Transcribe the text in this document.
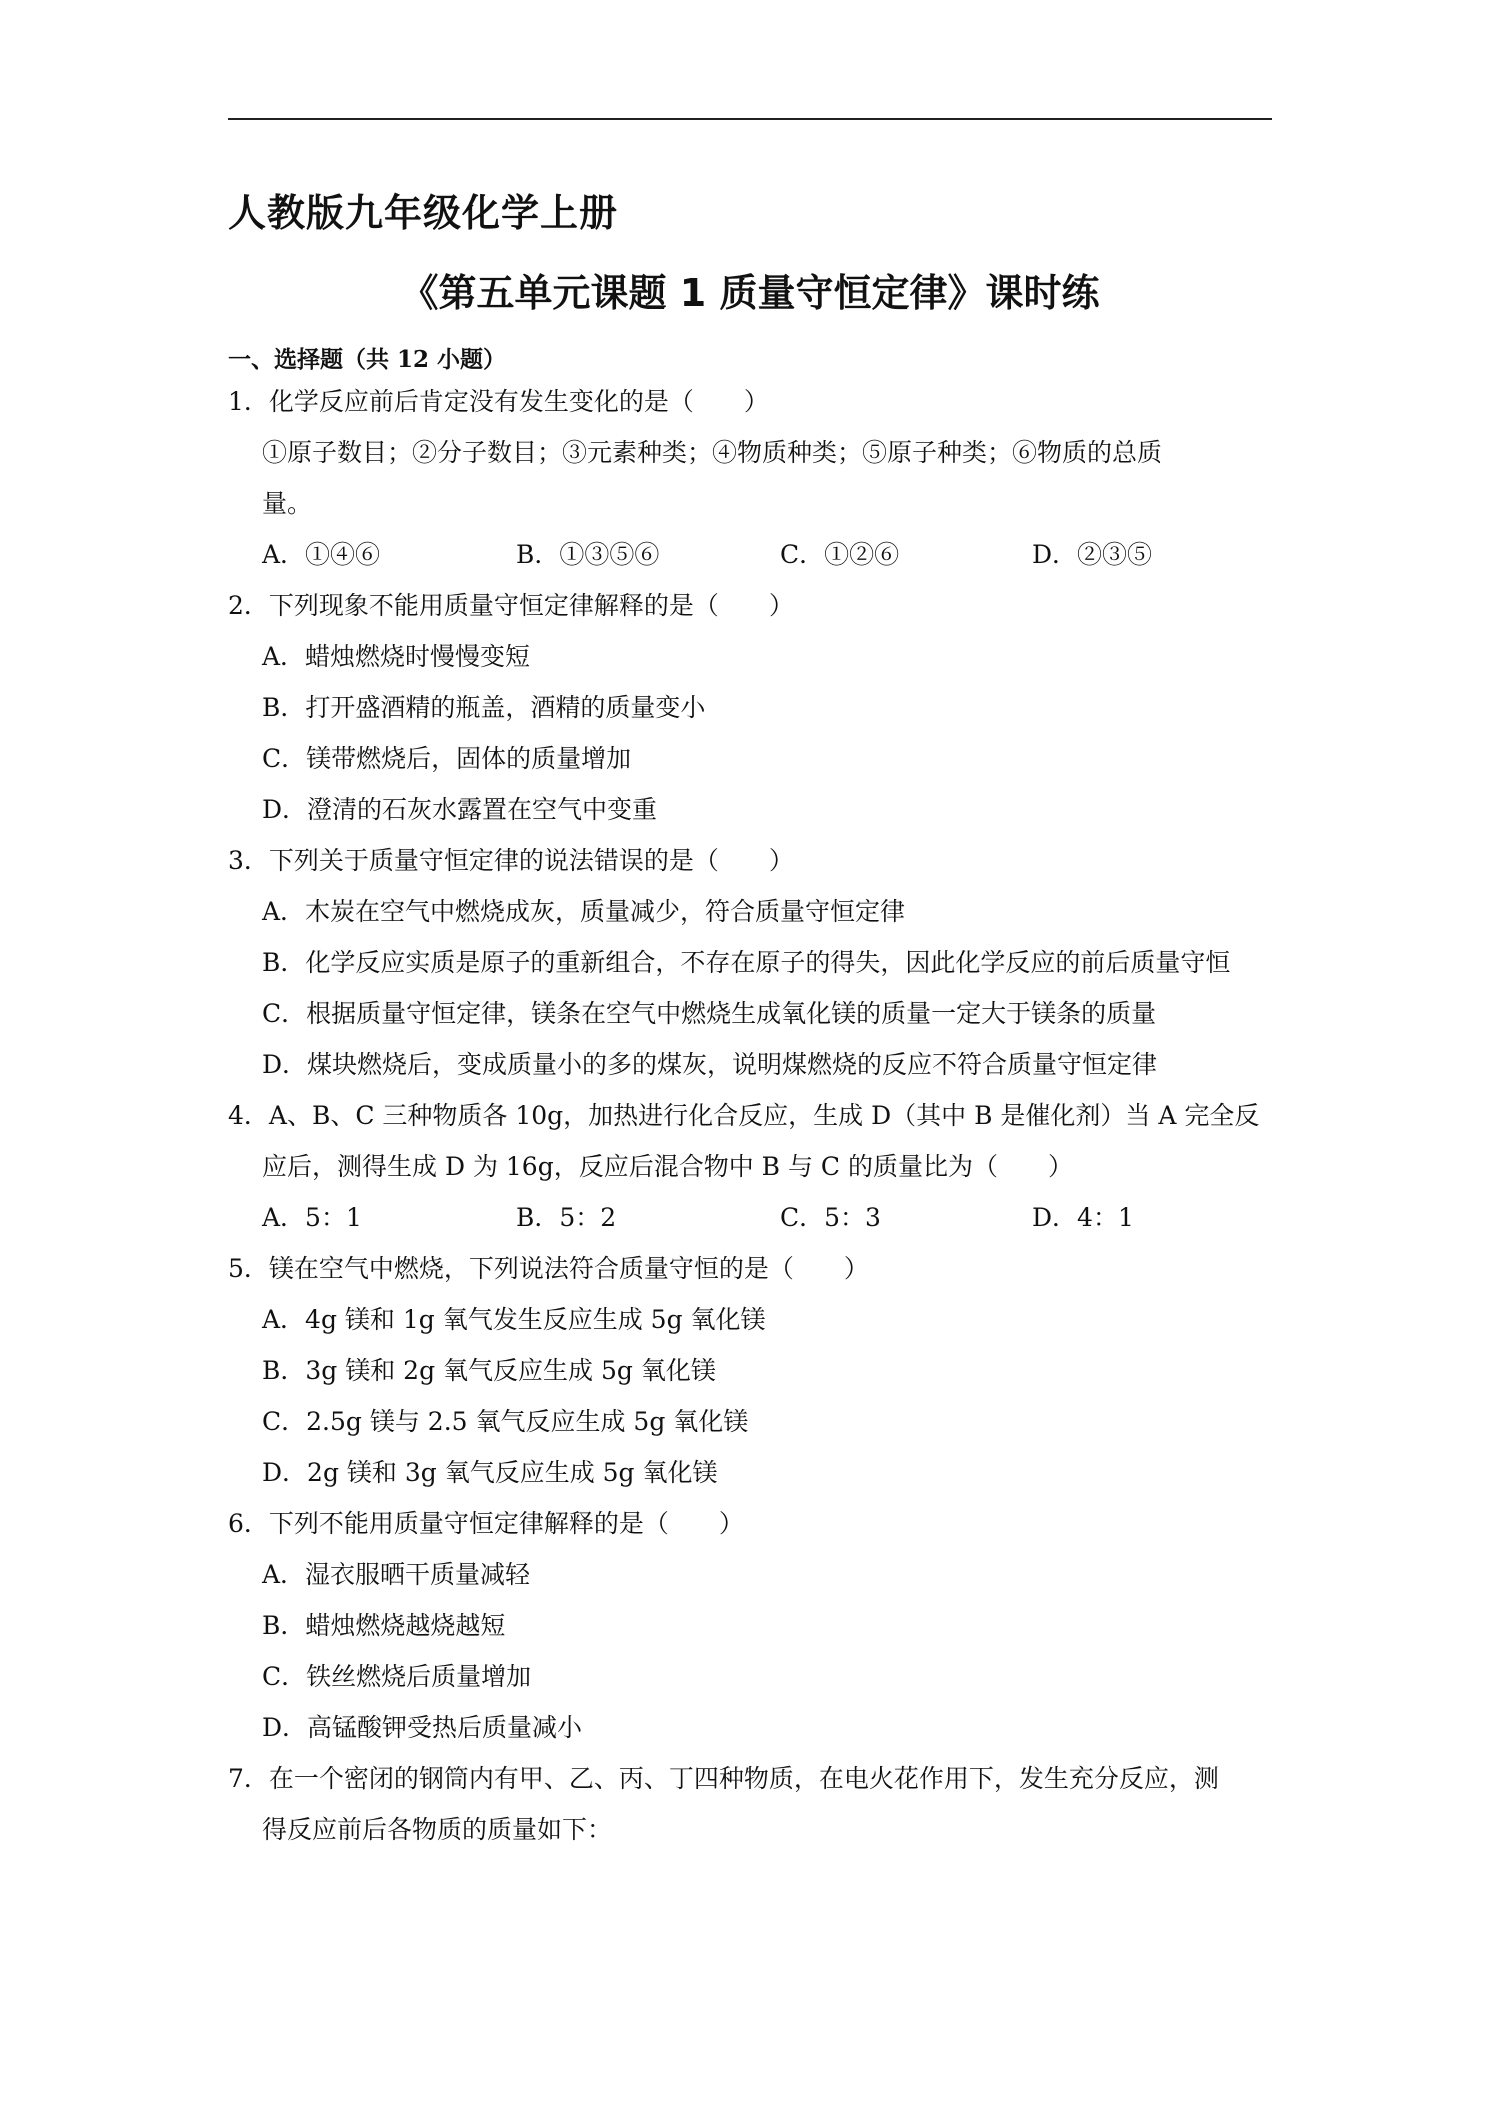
人教版九年级化学上册
《第五单元课题 1 质量守恒定律》课时练
一、选择题（共 12 小题）
1．化学反应前后肯定没有发生变化的是（　　）
①原子数目；②分子数目；③元素种类；④物质种类；⑤原子种类；⑥物质的总质
量。
A．①④⑥	B．①③⑤⑥	C．①②⑥	D．②③⑤
2．下列现象不能用质量守恒定律解释的是（　　）
A．蜡烛燃烧时慢慢变短
B．打开盛酒精的瓶盖，酒精的质量变小
C．镁带燃烧后，固体的质量增加
D．澄清的石灰水露置在空气中变重
3．下列关于质量守恒定律的说法错误的是（　　）
A．木炭在空气中燃烧成灰，质量减少，符合质量守恒定律
B．化学反应实质是原子的重新组合，不存在原子的得失，因此化学反应的前后质量守恒
C．根据质量守恒定律，镁条在空气中燃烧生成氧化镁的质量一定大于镁条的质量
D．煤块燃烧后，变成质量小的多的煤灰，说明煤燃烧的反应不符合质量守恒定律
4．A、B、C 三种物质各 10g，加热进行化合反应，生成 D（其中 B 是催化剂）当 A 完全反
应后，测得生成 D 为 16g，反应后混合物中 B 与 C 的质量比为（　　）
A．5：1	B．5：2	C．5：3	D．4：1
5．镁在空气中燃烧，下列说法符合质量守恒的是（　　）
A．4g 镁和 1g 氧气发生反应生成 5g 氧化镁
B．3g 镁和 2g 氧气反应生成 5g 氧化镁
C．2.5g 镁与 2.5 氧气反应生成 5g 氧化镁
D．2g 镁和 3g 氧气反应生成 5g 氧化镁
6．下列不能用质量守恒定律解释的是（　　）
A．湿衣服晒干质量减轻
B．蜡烛燃烧越烧越短
C．铁丝燃烧后质量增加
D．高锰酸钾受热后质量减小
7．在一个密闭的钢筒内有甲、乙、丙、丁四种物质，在电火花作用下，发生充分反应，测
得反应前后各物质的质量如下：
